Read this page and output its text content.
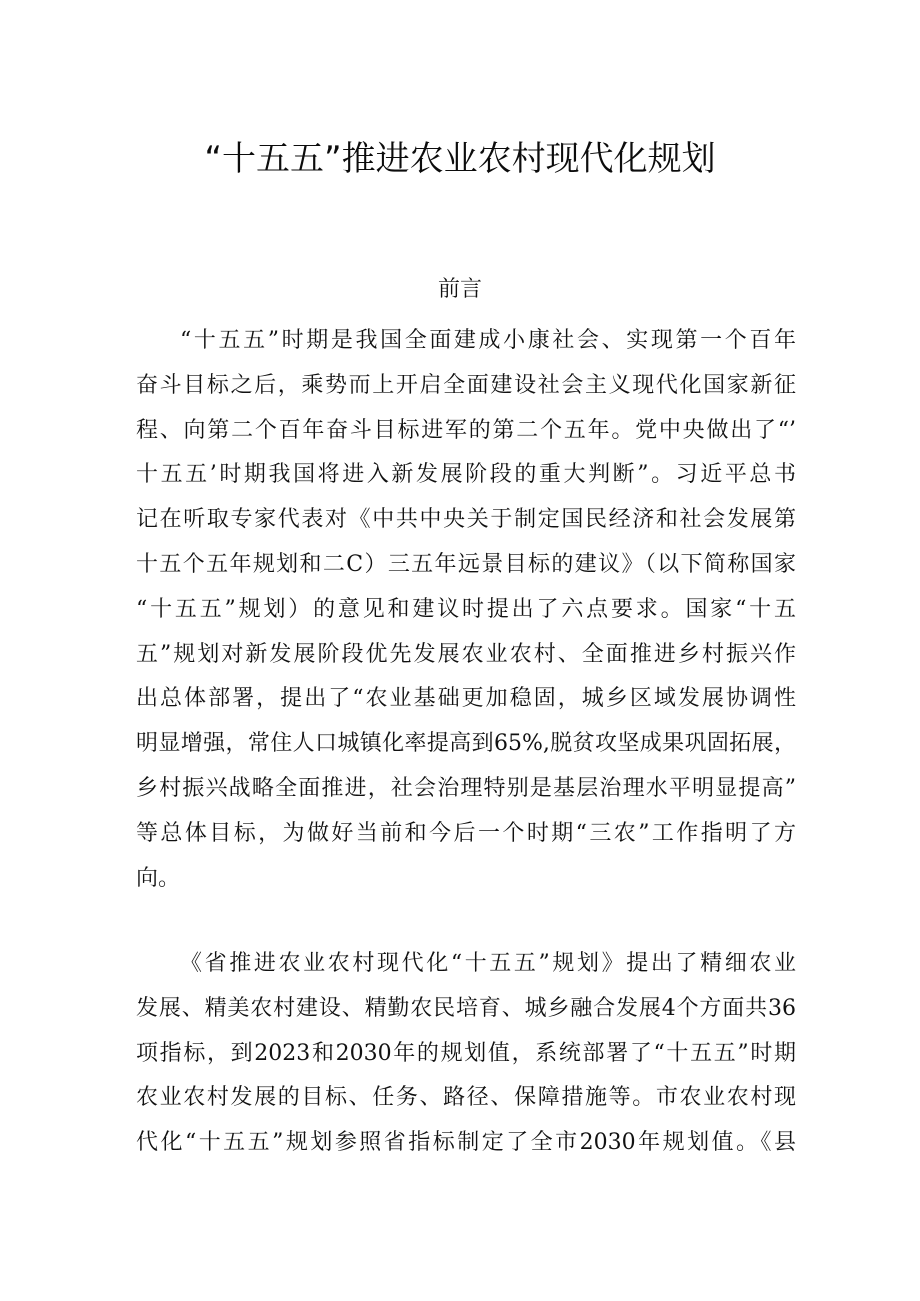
“十五五”推进农业农村现代化规划
前言
“十五五”时期是我国全面建成小康社会、实现第一个百年
奋斗目标之后，乘势而上开启全面建设社会主义现代化国家新征
程、向第二个百年奋斗目标进军的第二个五年。党中央做出了“’
十五五’时期我国将进入新发展阶段的重大判断”。习近平总书
记在听取专家代表对《中共中央关于制定国民经济和社会发展第
十五个五年规划和二C）三五年远景目标的建议》（以下简称国家
“十五五”规划）的意见和建议时提出了六点要求。国家“十五
五”规划对新发展阶段优先发展农业农村、全面推进乡村振兴作
出总体部署，提出了“农业基础更加稳固，城乡区域发展协调性
明显增强，常住人口城镇化率提高到65%,脱贫攻坚成果巩固拓展，
乡村振兴战略全面推进，社会治理特别是基层治理水平明显提高”
等总体目标，为做好当前和今后一个时期“三农”工作指明了方
向。
《省推进农业农村现代化“十五五”规划》提出了精细农业
发展、精美农村建设、精勤农民培育、城乡融合发展4个方面共36
项指标，到2023和2030年的规划值，系统部署了“十五五”时期
农业农村发展的目标、任务、路径、保障措施等。市农业农村现
代化“十五五”规划参照省指标制定了全市2030年规划值。《县
